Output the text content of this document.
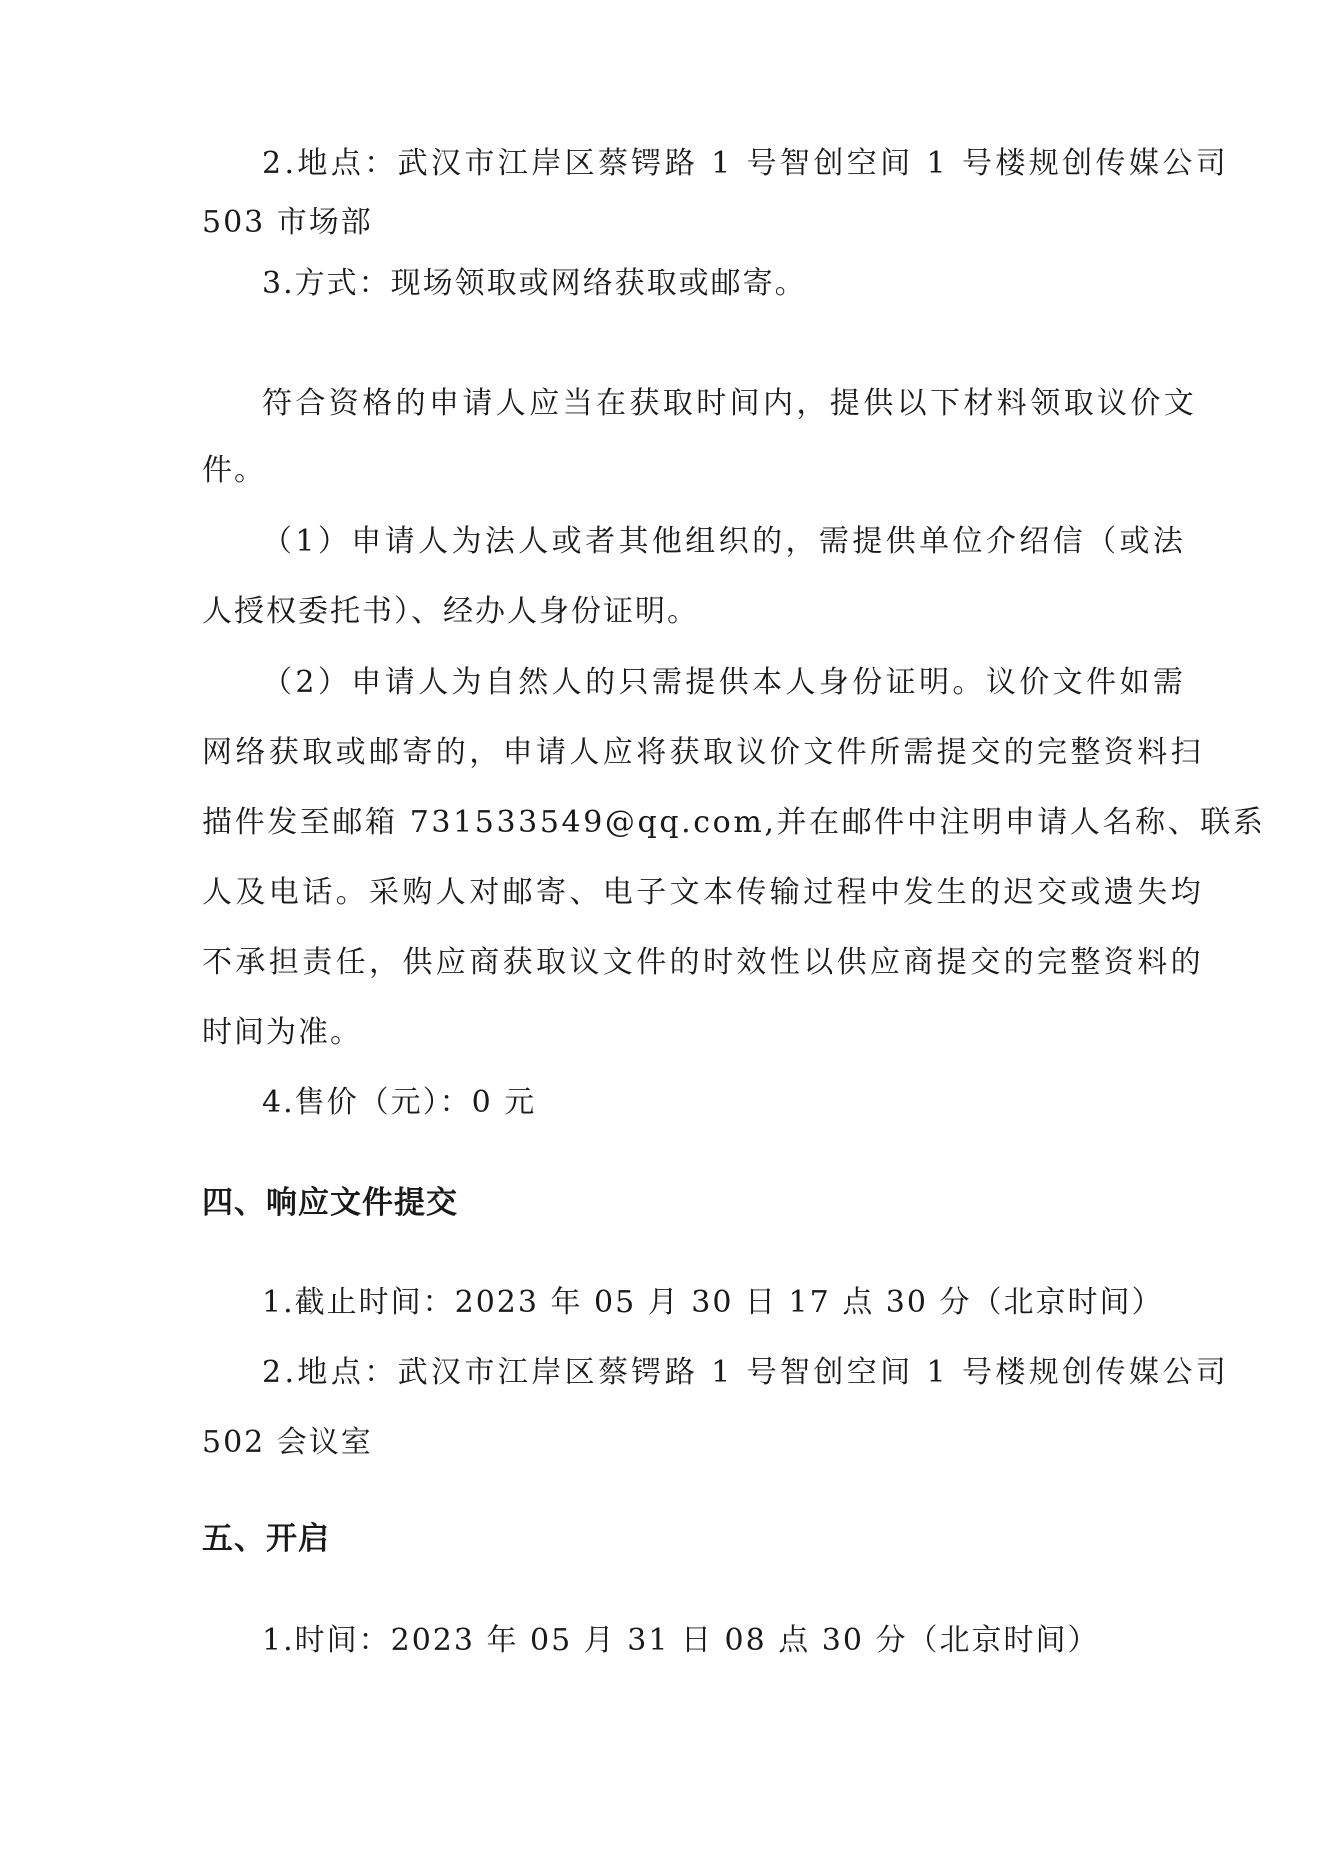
2.地点：武汉市江岸区蔡锷路 1 号智创空间 1 号楼规创传媒公司
503 市场部
3.方式：现场领取或网络获取或邮寄。
符合资格的申请人应当在获取时间内，提供以下材料领取议价文
件。
（1）申请人为法人或者其他组织的，需提供单位介绍信（或法
人授权委托书）、经办人身份证明。
（2）申请人为自然人的只需提供本人身份证明。议价文件如需
网络获取或邮寄的，申请人应将获取议价文件所需提交的完整资料扫
描件发至邮箱 731533549@qq.com,并在邮件中注明申请人名称、联系
人及电话。采购人对邮寄、电子文本传输过程中发生的迟交或遗失均
不承担责任，供应商获取议文件的时效性以供应商提交的完整资料的
时间为准。
4.售价（元）：0 元
四、响应文件提交
1.截止时间：2023 年 05 月 30 日 17 点 30 分（北京时间）
2.地点：武汉市江岸区蔡锷路 1 号智创空间 1 号楼规创传媒公司
502 会议室
五、开启
1.时间：2023 年 05 月 31 日 08 点 30 分（北京时间）
